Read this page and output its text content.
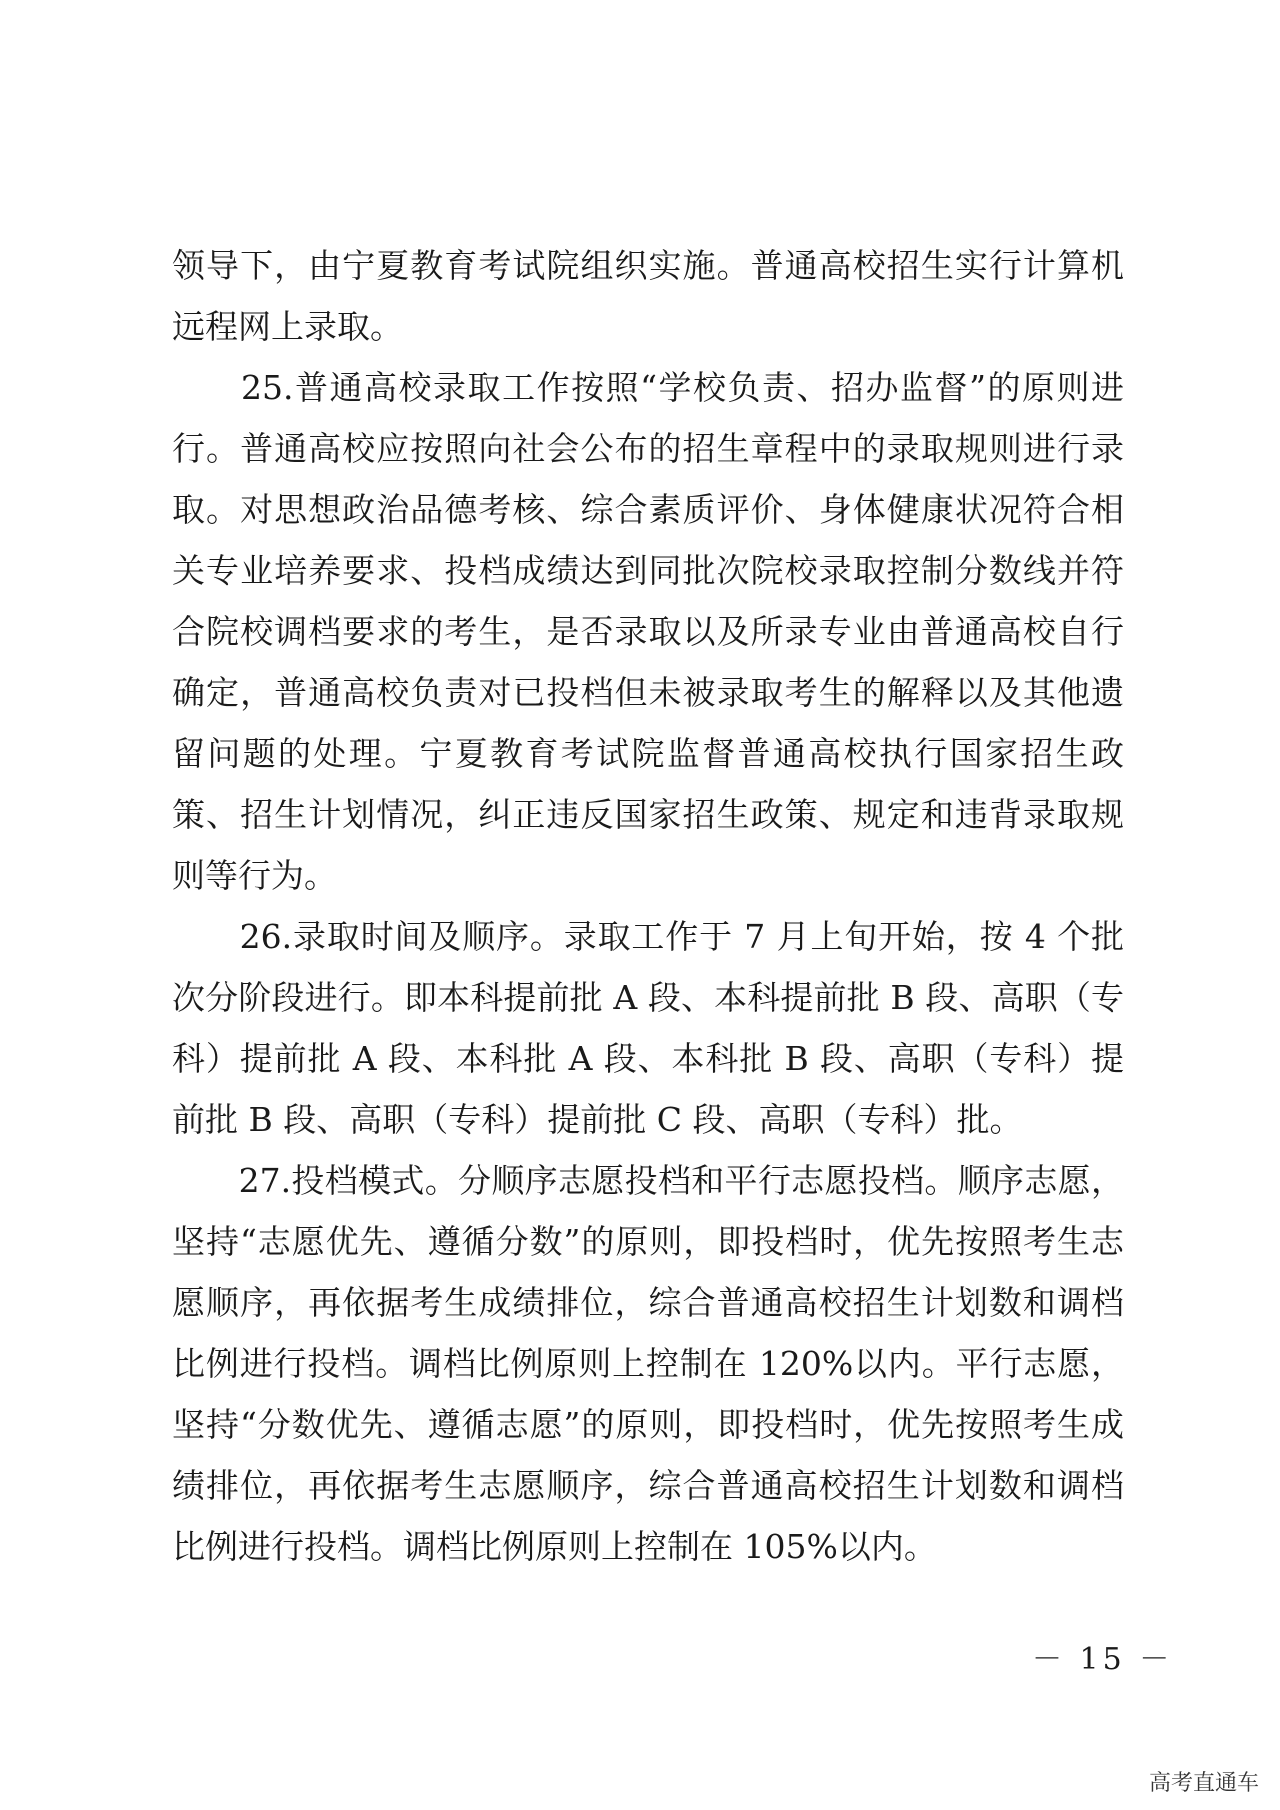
领导下，由宁夏教育考试院组织实施。普通高校招生实行计算机
远程网上录取。
　　25.普通高校录取工作按照“学校负责、招办监督”的原则进
行。普通高校应按照向社会公布的招生章程中的录取规则进行录
取。对思想政治品德考核、综合素质评价、身体健康状况符合相
关专业培养要求、投档成绩达到同批次院校录取控制分数线并符
合院校调档要求的考生，是否录取以及所录专业由普通高校自行
确定，普通高校负责对已投档但未被录取考生的解释以及其他遗
留问题的处理。宁夏教育考试院监督普通高校执行国家招生政
策、招生计划情况，纠正违反国家招生政策、规定和违背录取规
则等行为。
　　26.录取时间及顺序。录取工作于 7 月上旬开始，按 4 个批
次分阶段进行。即本科提前批 A 段、本科提前批 B 段、高职（专
科）提前批 A 段、本科批 A 段、本科批 B 段、高职（专科）提
前批 B 段、高职（专科）提前批 C 段、高职（专科）批。
　　27.投档模式。分顺序志愿投档和平行志愿投档。顺序志愿，
坚持“志愿优先、遵循分数”的原则，即投档时，优先按照考生志
愿顺序，再依据考生成绩排位，综合普通高校招生计划数和调档
比例进行投档。调档比例原则上控制在 120%以内。平行志愿，
坚持“分数优先、遵循志愿”的原则，即投档时，优先按照考生成
绩排位，再依据考生志愿顺序，综合普通高校招生计划数和调档
比例进行投档。调档比例原则上控制在 105%以内。
－ 15 －
高考直通车
